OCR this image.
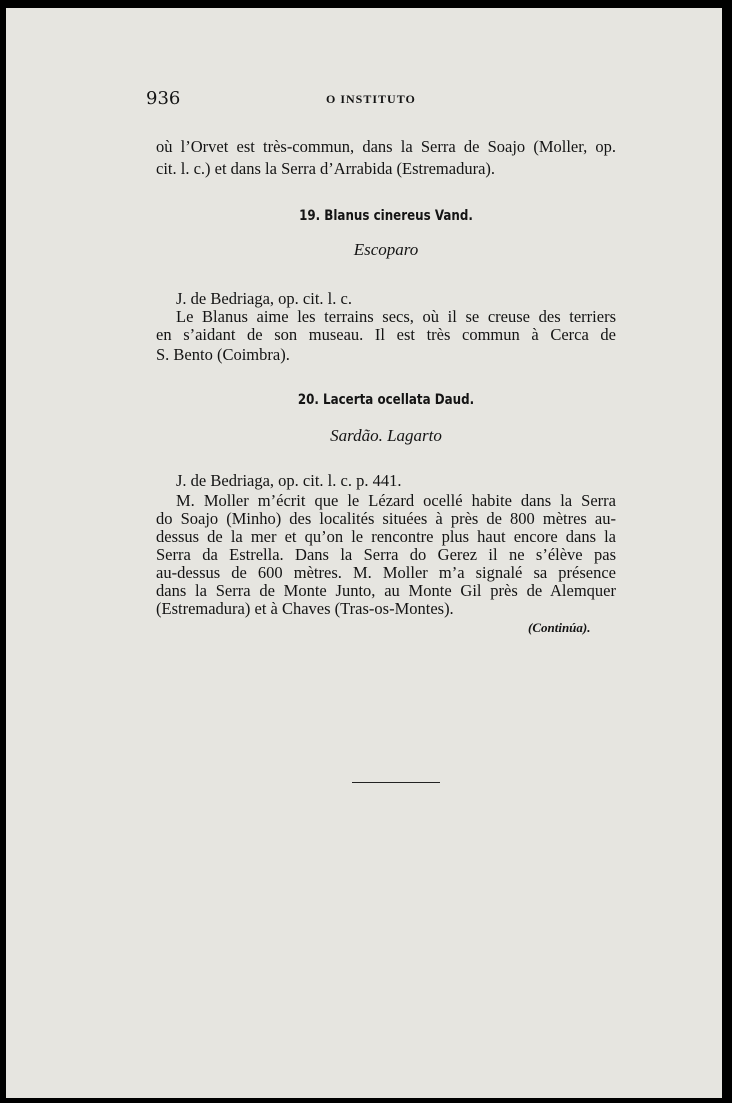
936	O INSTITUTO
où l’Orvet est très-commun, dans la Serra de Soajo (Moller, op.
cit. l. c.) et dans la Serra d’Arrabida (Estremadura).
19. Blanus cinereus Vand.
Escoparo
J. de Bedriaga, op. cit. l. c.
Le Blanus aime les terrains secs, où il se creuse des terriers
en s’aidant de son museau. Il est très commun à Cerca de
S. Bento (Coimbra).
20. Lacerta ocellata Daud.
Sardão. Lagarto
J. de Bedriaga, op. cit. l. c. p. 441.
M. Moller m’écrit que le Lézard ocellé habite dans la Serra
do Soajo (Minho) des localités situées à près de 800 mètres au-
dessus de la mer et qu’on le rencontre plus haut encore dans la
Serra da Estrella. Dans la Serra do Gerez il ne s’élève pas
au-dessus de 600 mètres. M. Moller m’a signalé sa présence
dans la Serra de Monte Junto, au Monte Gil près de Alemquer
(Estremadura) et à Chaves (Tras-os-Montes).
(Continúa).
